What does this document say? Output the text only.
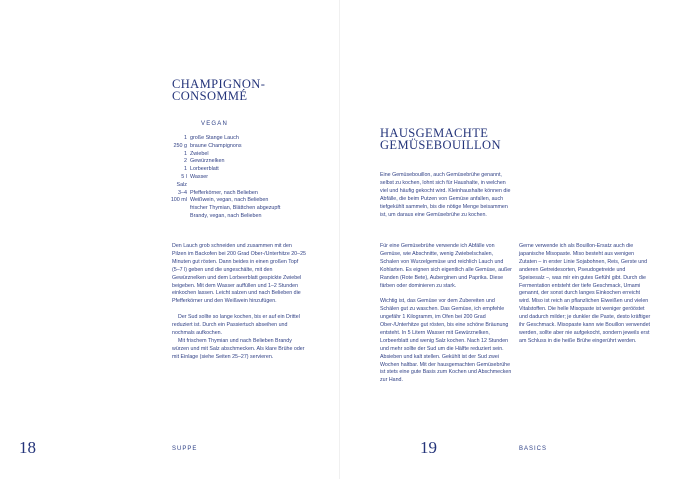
CHAMPIGNON-
CONSOMMÉ
VEGAN
1 große Stange Lauch
250 g braune Champignons
1 Zwiebel
2 Gewürznelken
1 Lorbeerblatt
5 l Wasser
Salz
3–4 Pfefferkörner, nach Belieben
100 ml Weißwein, vegan, nach Belieben
frischer Thymian, Blättchen abgezupft
Brandy, vegan, nach Belieben

Den Lauch grob schneiden und zusammen mit den Pilzen im Backofen bei 200 Grad Ober-/Unterhitze 20–25 Minuten gut rösten. Dann beides in einen großen Topf (5–7 l) geben und die ungeschälte, mit den Gewürznelken und dem Lorbeerblatt gespickte Zwiebel beigeben. Mit dem Wasser auffüllen und 1–2 Stunden einkochen lassen. Leicht salzen und nach Belieben die Pfefferkörner und den Weißwein hinzufügen.

Der Sud sollte so lange kochen, bis er auf ein Drittel reduziert ist. Durch ein Passiertuch abseihen und nochmals aufkochen.

Mit frischem Thymian und nach Belieben Brandy würzen und mit Salz abschmecken. Als klare Brühe oder mit Einlage (siehe Seiten 25–27) servieren.

18	SUPPE
HAUSGEMACHTE
GEMÜSEBOUILLON

Eine Gemüsebouillon, auch Gemüsebrühe genannt, selbst zu kochen, lohnt sich für Haushalte, in welchen viel und häufig gekocht wird. Kleinhaushalte können die Abfälle, die beim Putzen von Gemüse anfallen, auch tiefgekühlt sammeln, bis die nötige Menge beisammen ist, um daraus eine Gemüsebrühe zu kochen.

Für eine Gemüsebrühe verwende ich Abfälle von Gemüse, wie Abschnitte, wenig Zwiebelschalen, Schalen von Wurzelgemüse und reichlich Lauch und Kohlarten. Es eignen sich eigentlich alle Gemüse, außer Randen (Rote Bete), Auberginen und Paprika. Diese färben oder dominieren zu stark.

Wichtig ist, das Gemüse vor dem Zubereiten und Schälen gut zu waschen. Das Gemüse, ich empfehle ungefähr 1 Kilogramm, im Ofen bei 200 Grad Ober-/Unterhitze gut rösten, bis eine schöne Bräunung entsteht. In 5 Litern Wasser mit Gewürznelken, Lorbeerblatt und wenig Salz kochen. Nach 12 Stunden und mehr sollte der Sud um die Hälfte reduziert sein. Absieben und kalt stellen. Gekühlt ist der Sud zwei Wochen haltbar. Mit der hausgemachten Gemüsebrühe ist stets eine gute Basis zum Kochen und Abschmecken zur Hand.

Gerne verwende ich als Bouillon-Ersatz auch die japanische Misopaste. Miso besteht aus wenigen Zutaten – in erster Linie Sojabohnen, Reis, Gerste und anderen Getreidesorten, Pseudogetreide und Speisesalz –, was mir ein gutes Gefühl gibt. Durch die Fermentation entsteht der tiefe Geschmack, Umami genannt, der sonst durch langes Einkochen erreicht wird. Miso ist reich an pflanzlichen Eiweißen und vielen Vitalstoffen. Die helle Misopaste ist weniger gerööstet und dadurch milder; je dunkler die Paste, desto kräftiger ihr Geschmack. Misopaste kann wie Bouillon verwendet werden, sollte aber nie aufgekocht, sondern jeweils erst am Schluss in die heiße Brühe eingerührt werden.

19	BASICS
